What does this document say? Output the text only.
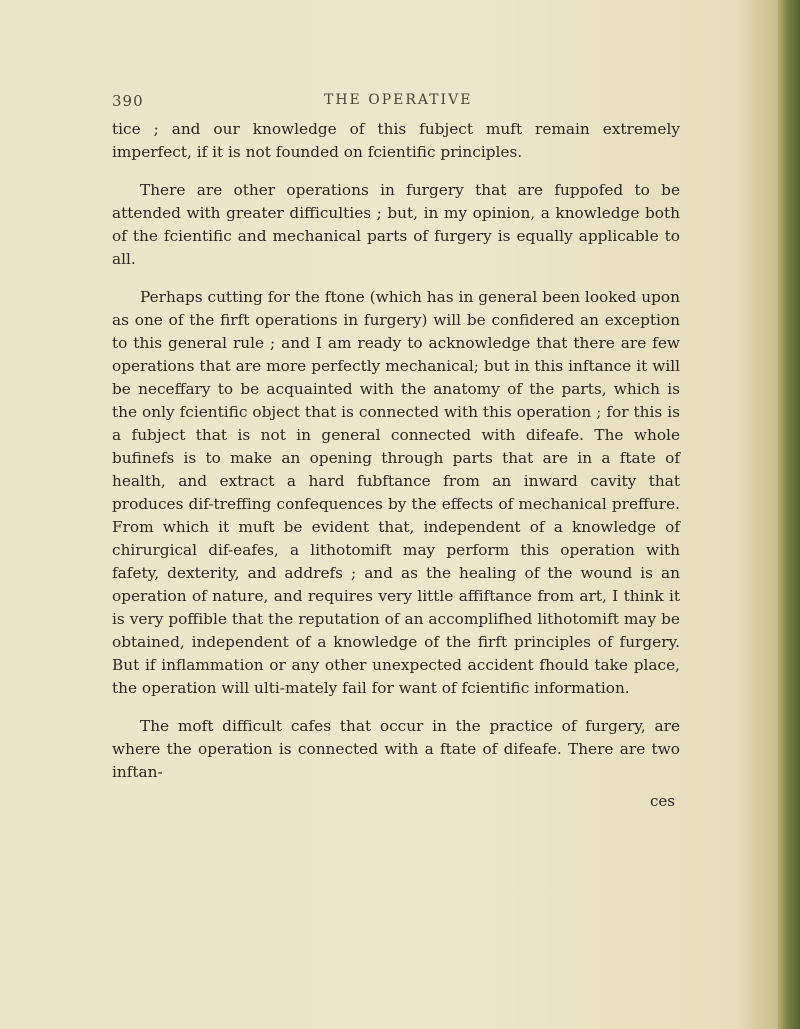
390	THE OPERATIVE

tice ; and our knowledge of this fubject muft remain extremely imperfect, if it is not founded on fcientific principles.

There are other operations in furgery that are fuppofed to be attended with greater difficulties ; but, in my opinion, a knowledge both of the fcientific and mechanical parts of furgery is equally applicable to all.

Perhaps cutting for the ftone (which has in general been looked upon as one of the firft operations in furgery) will be confidered an exception to this general rule ; and I am ready to acknowledge that there are few operations that are more perfectly mechanical; but in this inftance it will be neceffary to be acquainted with the anatomy of the parts, which is the only fcientific object that is connected with this operation ; for this is a fubject that is not in general connected with difeafe. The whole bufinefs is to make an opening through parts that are in a ftate of health, and extract a hard fubftance from an inward cavity that produces dif-treffing confequences by the effects of mechanical preffure. From which it muft be evident that, independent of a knowledge of chirurgical dif-eafes, a lithotomift may perform this operation with fafety, dexterity, and addrefs ; and as the healing of the wound is an operation of nature, and requires very little affiftance from art, I think it is very poffible that the reputation of an accomplifhed lithotomift may be obtained, independent of a knowledge of the firft principles of furgery. But if inflammation or any other unexpected accident fhould take place, the operation will ulti-mately fail for want of fcientific information.

The moft difficult cafes that occur in the practice of furgery, are where the operation is connected with a ftate of difeafe. There are two inftan-

ces
